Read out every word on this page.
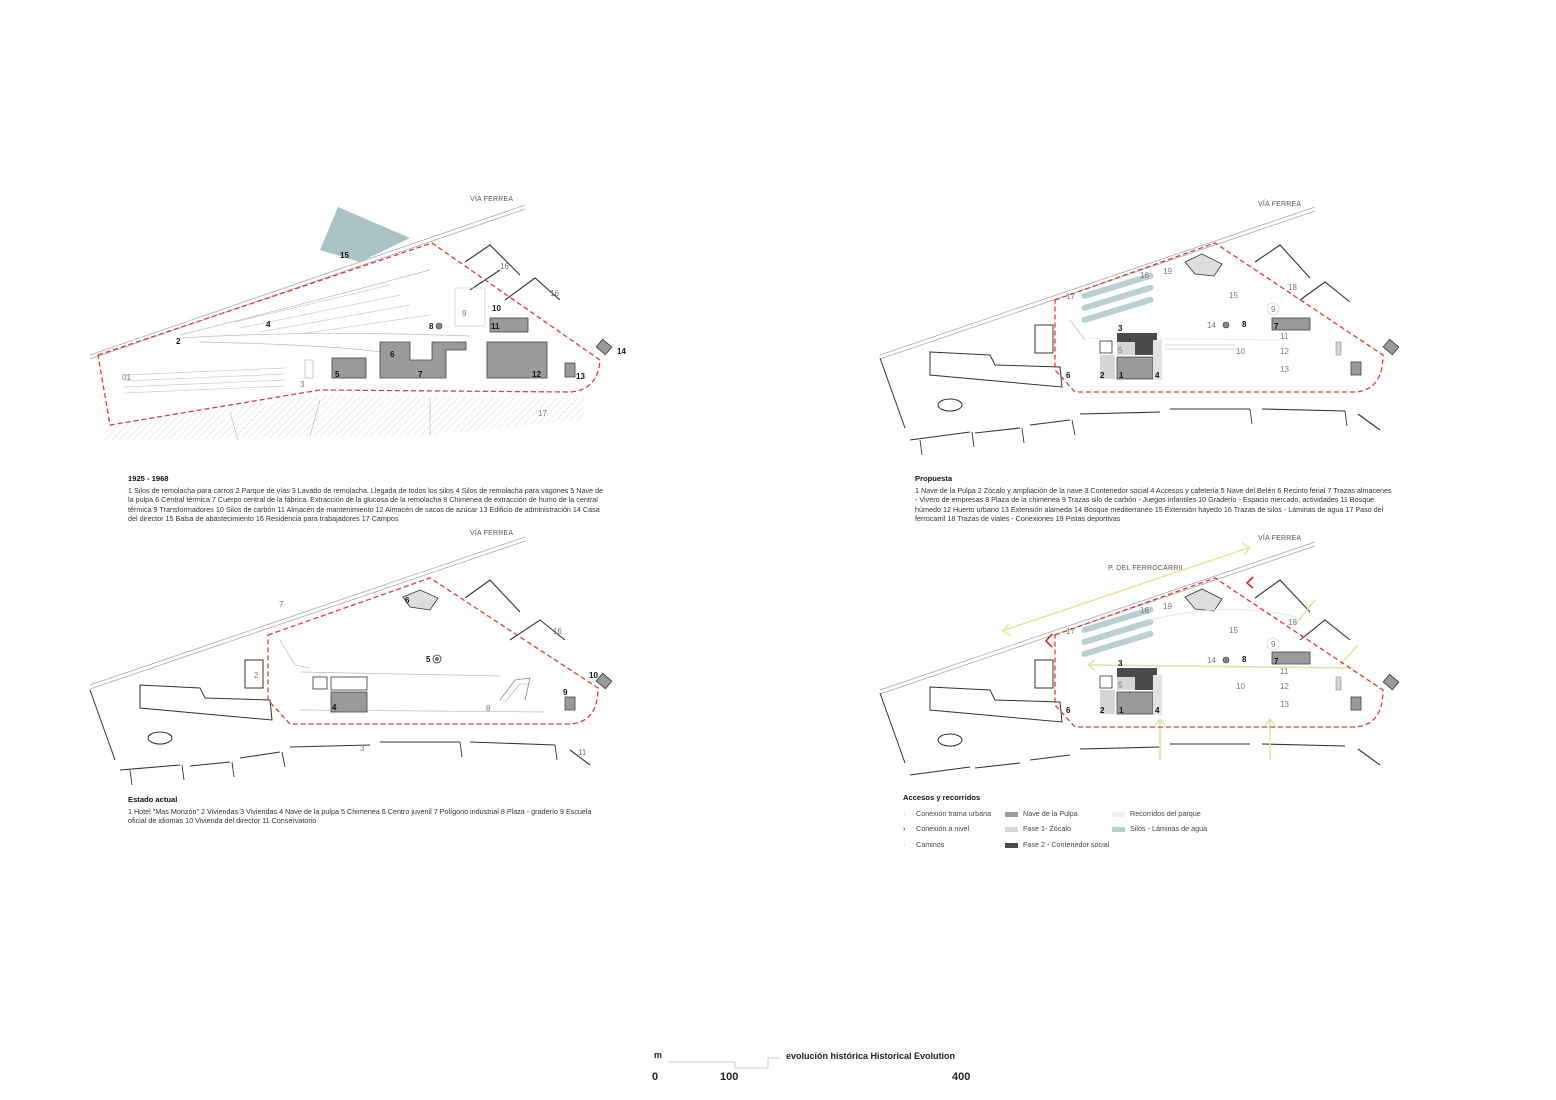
VÍA FERREA
15
16
16
10
9
8	11
4
2
6	14
01
3
5	7	12	13
17
VÍA FERREA
7	6
16
5
2	10
9
4	8
3	11
VÍA FERREA
19
16
18
15
17
9
3	14	8	7
5	10
11
12
6	2 1	4
13
VÍA FERREA
P. DEL FERROCARRIL
19
16
18
15
17
9
3	14	8	7
5	10
11
12
6	2 1	4
13
1925 - 1968
1 Silos de remolacha para carros 2 Parque de vías 3 Lavado de remolacha. Llegada de todos los silos 4 Silos de remolacha para vagones 5 Nave de la pulpa 6 Central térmica 7 Cuerpo central de la fábrica. Extracción de la glucosa de la remolacha 8 Chimenea de extracción de humo de la central térmica 9 Transformadores 10 Silos de carbón 11 Almacén de mantenimiento 12 Almacén de sacos de azúcar 13 Edificio de administración 14 Casa del director 15 Balsa de abastecimiento 16 Residencia para trabajadores 17 Campos
Estado actual
1 Hotel "Mas Monzón" 2 Viviendas 3 Viviendas 4 Nave de la pulpa 5 Chimenea 6 Centro juvenil 7 Polígono industrial 8 Plaza - graderío 9 Escuela oficial de idiomas 10 Vivienda del director 11 Conservatorio
Propuesta
1 Nave de la Pulpa 2 Zócalo y ampliación de la nave 3 Contenedor social 4 Accesos y cafetería 5 Nave del Belén 6 Recinto ferial 7 Trazas almacenes - Vivero de empresas 8 Plaza de la chimenea 9 Trazas silo de carbón - Juegos infantiles 10 Graderío - Espacio mercado, actividades 11 Bosque húmedo 12 Huerto urbano 13 Extensión alameda 14 Bosque mediterraneo 15 Extensión hayedo 16 Trazas de silos - Láminas de agua 17 Paso del ferrocarril 18 Trazas de viales - Conexiones 19 Pistas deportivas
Accesos y recorridos
› Conexión trama urbana
› Conexión a nivel
› Caminos
Nave de la Pulpa
Fase 1- Zócalo
Fase 2 - Contenedor social
Recorridos del parque
Silos - Láminas de agua
m	evolución histórica Historical Evolution
0	100	400
